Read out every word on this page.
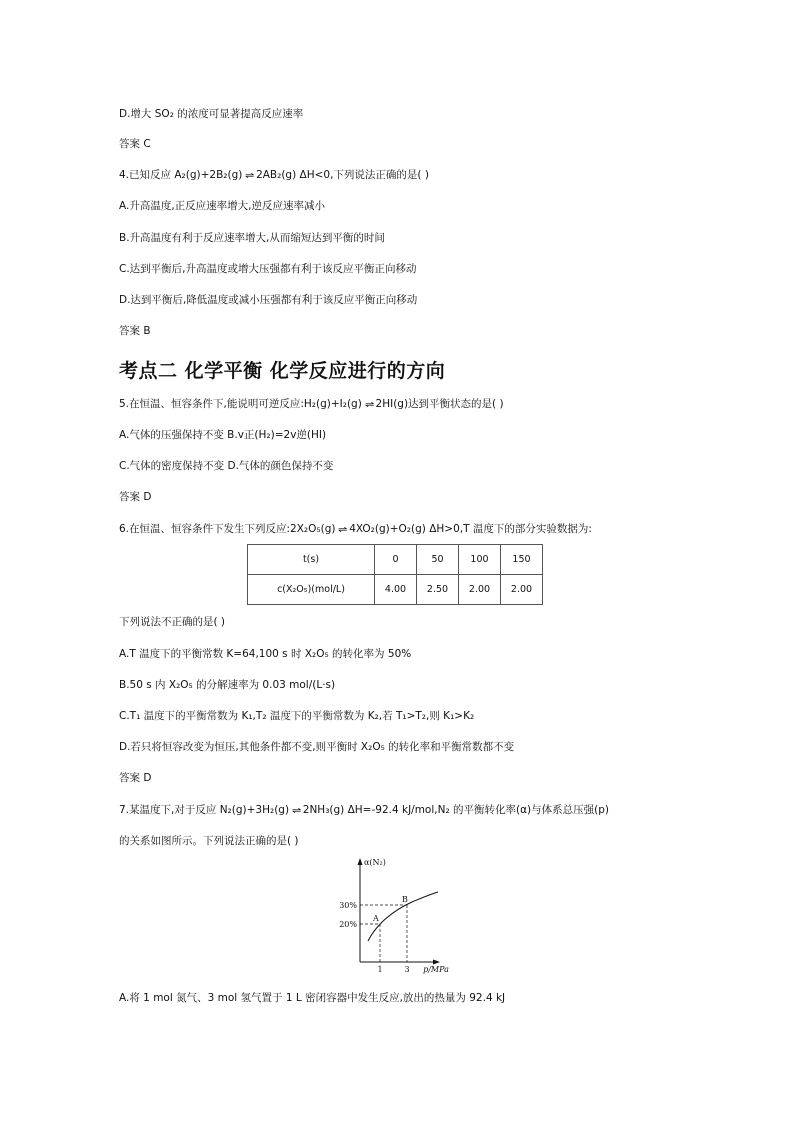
D.增大 SO₂ 的浓度可显著提高反应速率
答案 C
4.已知反应 A₂(g)+2B₂(g) ⇌ 2AB₂(g) ΔH<0,下列说法正确的是( )
A.升高温度,正反应速率增大,逆反应速率减小
B.升高温度有利于反应速率增大,从而缩短达到平衡的时间
C.达到平衡后,升高温度或增大压强都有利于该反应平衡正向移动
D.达到平衡后,降低温度或减小压强都有利于该反应平衡正向移动
答案 B
考点二 化学平衡 化学反应进行的方向
5.在恒温、恒容条件下,能说明可逆反应:H₂(g)+I₂(g) ⇌ 2HI(g)达到平衡状态的是( )
A.气体的压强保持不变 B.v正(H₂)=2v逆(HI)
C.气体的密度保持不变 D.气体的颜色保持不变
答案 D
6.在恒温、恒容条件下发生下列反应:2X₂O₅(g) ⇌ 4XO₂(g)+O₂(g) ΔH>0,T 温度下的部分实验数据为:
t(s)	0	50	100	150
c(X₂O₅)(mol/L)	4.00	2.50	2.00	2.00
下列说法不正确的是( )
A.T 温度下的平衡常数 K=64,100 s 时 X₂O₅ 的转化率为 50%
B.50 s 内 X₂O₅ 的分解速率为 0.03 mol/(L·s)
C.T₁ 温度下的平衡常数为 K₁,T₂ 温度下的平衡常数为 K₂,若 T₁>T₂,则 K₁>K₂
D.若只将恒容改变为恒压,其他条件都不变,则平衡时 X₂O₅ 的转化率和平衡常数都不变
答案 D
7.某温度下,对于反应 N₂(g)+3H₂(g) ⇌ 2NH₃(g) ΔH=-92.4 kJ/mol,N₂ 的平衡转化率(α)与体系总压强(p)
的关系如图所示。下列说法正确的是( )
α(N₂)
p/MPa
30%
20%
1	3
A
B
A.将 1 mol 氮气、3 mol 氢气置于 1 L 密闭容器中发生反应,放出的热量为 92.4 kJ
